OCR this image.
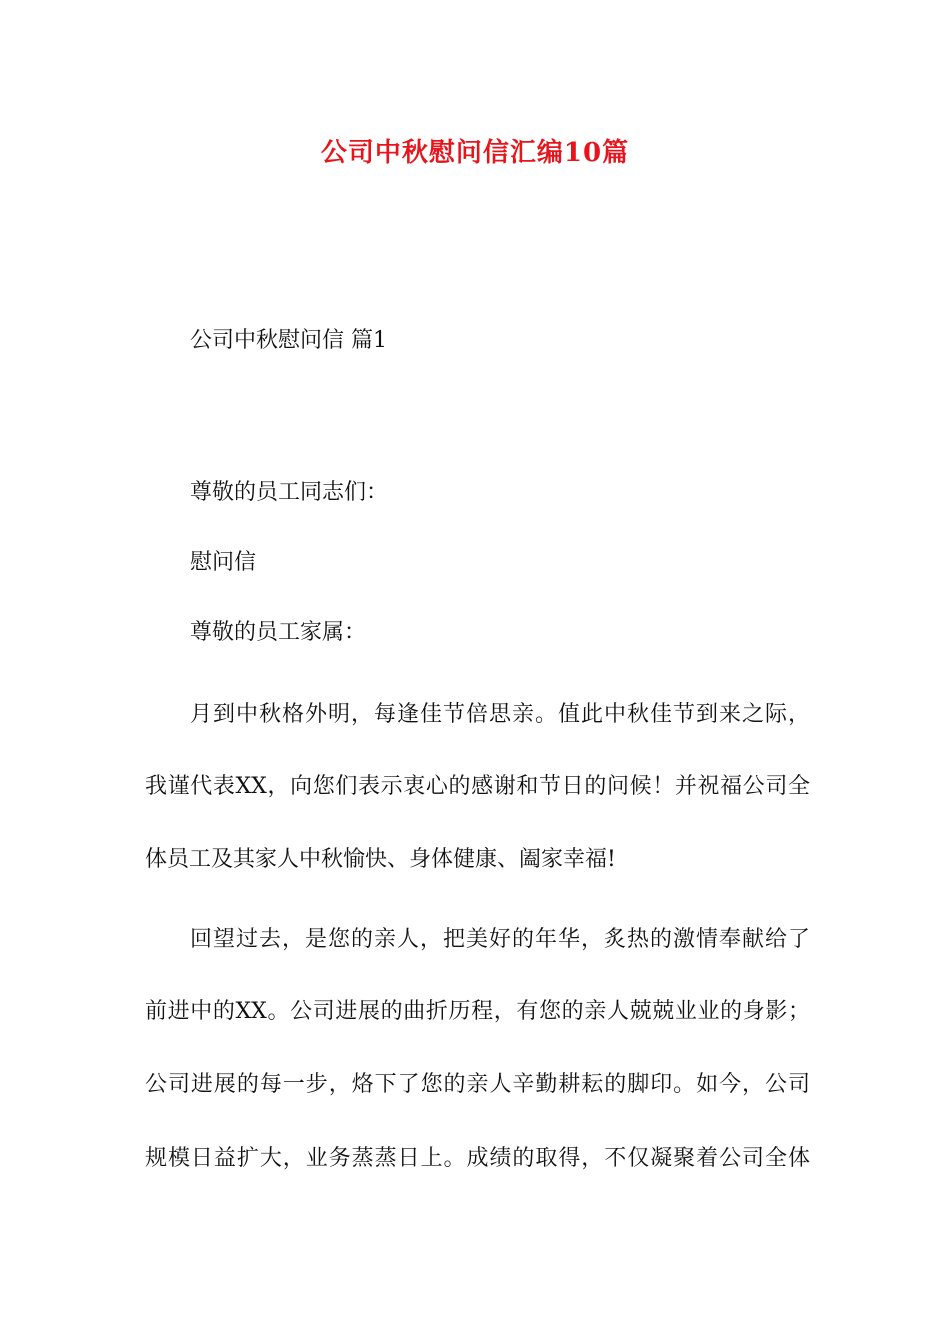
公司中秋慰问信汇编10篇
公司中秋慰问信 篇1
尊敬的员工同志们：
慰问信
尊敬的员工家属：
月到中秋格外明，每逢佳节倍思亲。值此中秋佳节到来之际，
我谨代表XX，向您们表示衷心的感谢和节日的问候！并祝福公司全
体员工及其家人中秋愉快、身体健康、阖家幸福!
回望过去，是您的亲人，把美好的年华，炙热的激情奉献给了
前进中的XX。公司进展的曲折历程，有您的亲人兢兢业业的身影；
公司进展的每一步，烙下了您的亲人辛勤耕耘的脚印。如今，公司
规模日益扩大，业务蒸蒸日上。成绩的取得，不仅凝聚着公司全体
